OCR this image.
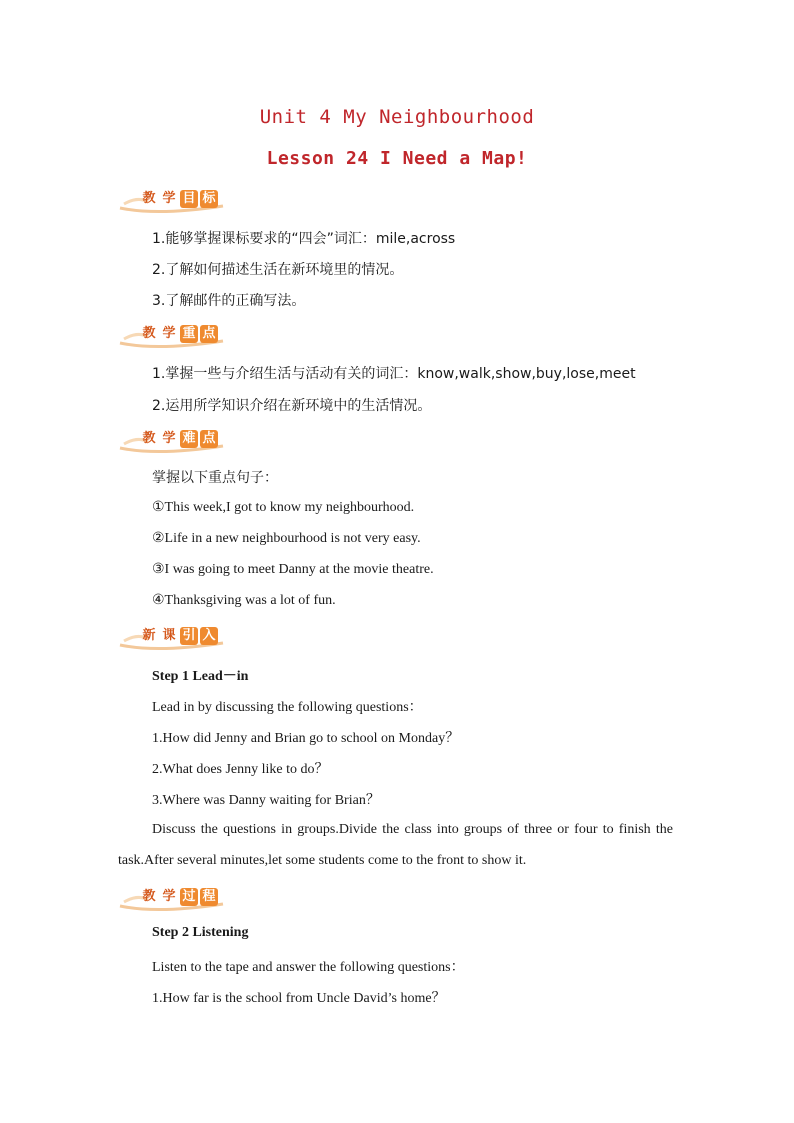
Unit 4 My Neighbourhood
Lesson 24 I Need a Map!
教 学 目 标
1.能够掌握课标要求的“四会”词汇：mile,across
2.了解如何描述生活在新环境里的情况。
3.了解邮件的正确写法。
教 学 重 点
1.掌握一些与介绍生活与活动有关的词汇：know,walk,show,buy,lose,meet
2.运用所学知识介绍在新环境中的生活情况。
教 学 难 点
掌握以下重点句子：
①This week,I got to know my neighbourhood.
②Life in a new neighbourhood is not very easy.
③I was going to meet Danny at the movie theatre.
④Thanksgiving was a lot of fun.
新 课 引 入
Step 1 Lead－in
Lead in by discussing the following questions：
1.How did Jenny and Brian go to school on Monday？
2.What does Jenny like to do？
3.Where was Danny waiting for Brian？
Discuss the questions in groups.Divide the class into groups of three or four to finish the task.After several minutes,let some students come to the front to show it.
教 学 过 程
Step 2 Listening
Listen to the tape and answer the following questions：
1.How far is the school from Uncle David’s home？
